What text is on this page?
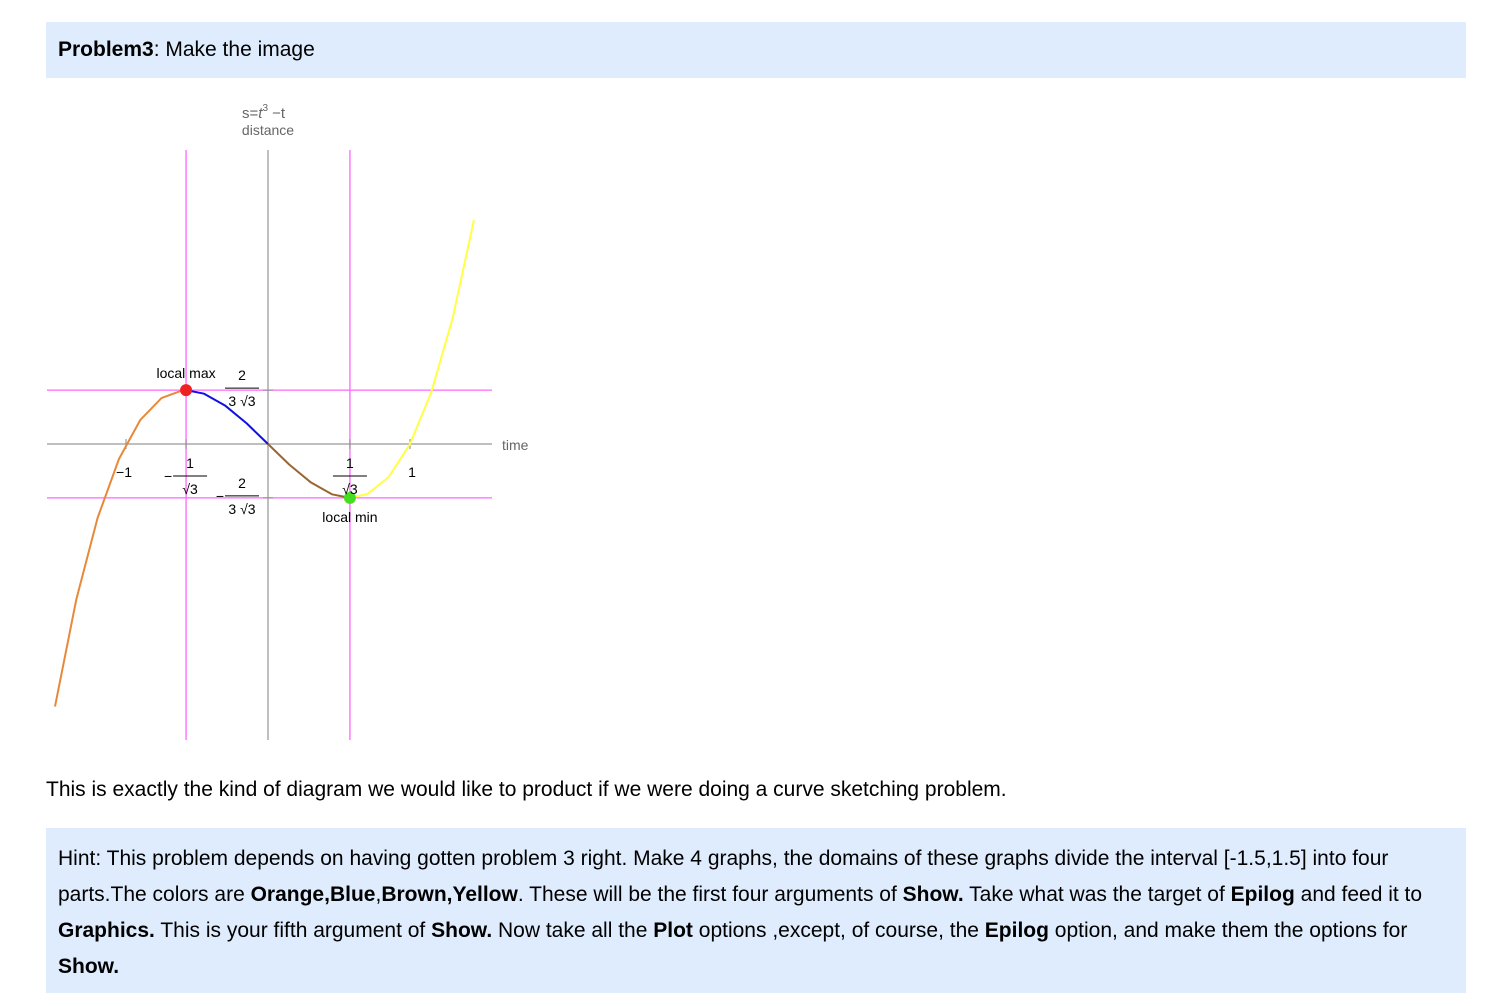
Problem3: Make the image
$s=t^3 -t$
distance
time
local max
local min
−1	1
1
√3
−
1
√3
2
3 √3
2
3 √3
−
This is exactly the kind of diagram we would like to product if we were doing a curve sketching problem.
Hint: This problem depends on having gotten problem 3 right. Make 4 graphs, the domains of these graphs divide the interval [-1.5,1.5] into four parts.The colors are Orange,Blue,Brown,Yellow. These will be the first four arguments of Show. Take what was the target of Epilog and feed it to Graphics. This is your fifth argument of Show. Now take all the Plot options ,except, of course, the Epilog option, and make them the options for Show.
